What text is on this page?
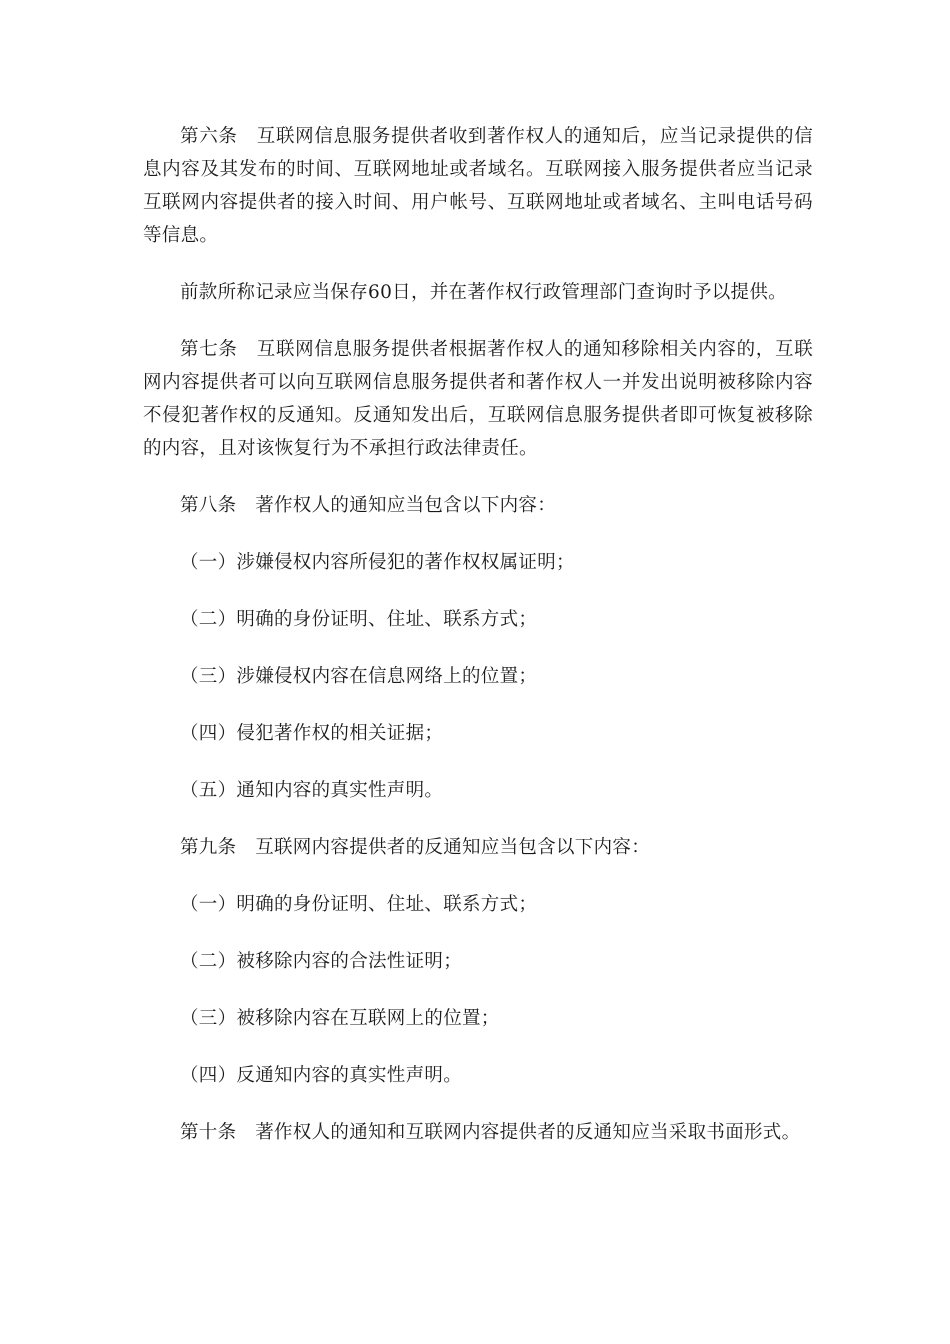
第六条　互联网信息服务提供者收到著作权人的通知后，应当记录提供的信息内容及其发布的时间、互联网地址或者域名。互联网接入服务提供者应当记录互联网内容提供者的接入时间、用户帐号、互联网地址或者域名、主叫电话号码等信息。

前款所称记录应当保存60日，并在著作权行政管理部门查询时予以提供。

第七条　互联网信息服务提供者根据著作权人的通知移除相关内容的，互联网内容提供者可以向互联网信息服务提供者和著作权人一并发出说明被移除内容不侵犯著作权的反通知。反通知发出后，互联网信息服务提供者即可恢复被移除的内容，且对该恢复行为不承担行政法律责任。

第八条　著作权人的通知应当包含以下内容：

（一）涉嫌侵权内容所侵犯的著作权权属证明；

（二）明确的身份证明、住址、联系方式；

（三）涉嫌侵权内容在信息网络上的位置；

（四）侵犯著作权的相关证据；

（五）通知内容的真实性声明。

第九条　互联网内容提供者的反通知应当包含以下内容：

（一）明确的身份证明、住址、联系方式；

（二）被移除内容的合法性证明；

（三）被移除内容在互联网上的位置；

（四）反通知内容的真实性声明。

第十条　著作权人的通知和互联网内容提供者的反通知应当采取书面形式。
